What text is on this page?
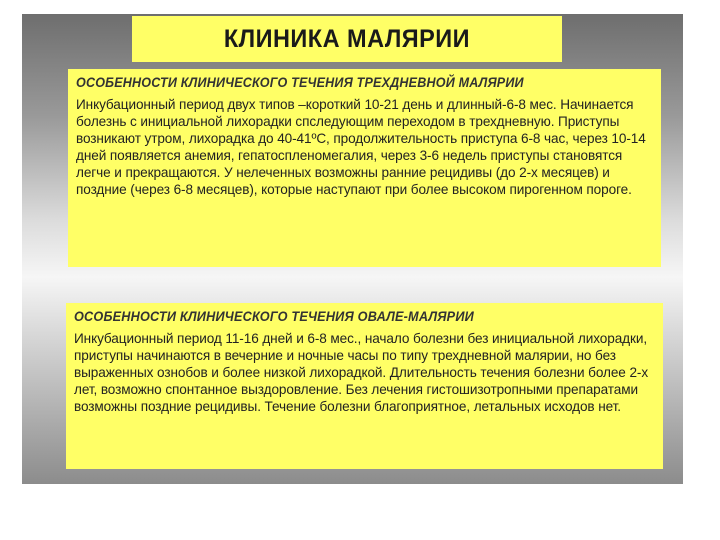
КЛИНИКА МАЛЯРИИ
ОСОБЕННОСТИ КЛИНИЧЕСКОГО ТЕЧЕНИЯ ТРЕХДНЕВНОЙ МАЛЯРИИ

Инкубационный период двух типов –короткий 10-21 день и длинный-6-8 мес. Начинается болезнь с инициальной лихорадки спследующим переходом в трехдневную. Приступы возникают утром, лихорадка до 40-41ºС, продолжительность приступа 6-8 час, через 10-14 дней появляется анемия, гепатоспленомегалия, через 3-6 недель приступы становятся легче и прекращаются. У нелеченных возможны ранние рецидивы (до 2-х месяцев) и поздние (через 6-8 месяцев), которые наступают при более высоком пирогенном пороге.

ОСОБЕННОСТИ КЛИНИЧЕСКОГО ТЕЧЕНИЯ ОВАЛЕ-МАЛЯРИИ

Инкубационный период 11-16 дней и 6-8 мес., начало болезни без инициальной лихорадки, приступы начинаются в вечерние и ночные часы по типу трехдневной малярии, но без выраженных ознобов и более низкой лихорадкой. Длительность течения болезни более 2-х лет, возможно спонтанное выздоровление. Без лечения гистошизотропными препаратами возможны поздние рецидивы. Течение болезни благоприятное, летальных исходов нет.
